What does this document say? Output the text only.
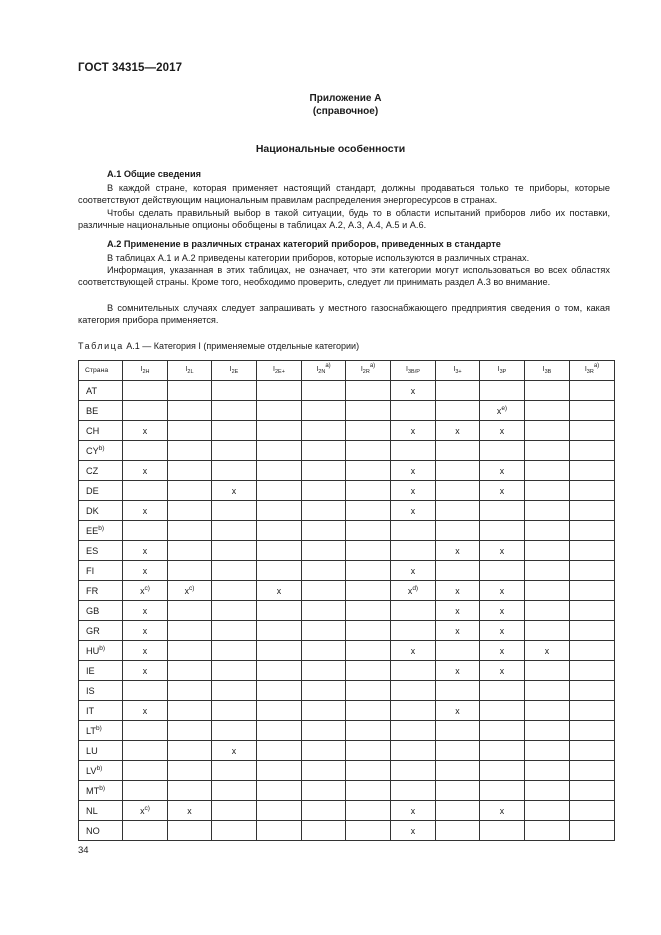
ГОСТ 34315—2017
Приложение А
(справочное)
Национальные особенности
А.1 Общие сведения

В каждой стране, которая применяет настоящий стандарт, должны продаваться только те приборы, которые соответствуют действующим национальным правилам распределения энергоресурсов в странах.

Чтобы сделать правильный выбор в такой ситуации, будь то в области испытаний приборов либо их поставки, различные национальные опционы обобщены в таблицах А.2, А.3, А.4, А.5 и А.6.

А.2 Применение в различных странах категорий приборов, приведенных в стандарте

В таблицах А.1 и А.2 приведены категории приборов, которые используются в различных странах.

Информация, указанная в этих таблицах, не означает, что эти категории могут использоваться во всех областях соответствующей страны. Кроме того, необходимо проверить, следует ли принимать раздел А.3 во внимание.

В сомнительных случаях следует запрашивать у местного газоснабжающего предприятия сведения о том, какая категория прибора применяется.

Таблица А.1 — Категория I (применяемые отдельные категории)
Страна	$I_{2H}$	$I_{2L}$	$I_{2E}$	$I_{2E+}$	$I_{2N}^{a)}$	$I_{2R}^{a)}$	$I_{3B/P}$	$I_{3+}$	$I_{3P}$	$I_{3B}$	$I_{3R}^{a)}$
AT							x				
BE									$x^{e)}$		
CH	x						x	x	x		
CY$^{b)}$											
CZ	x						x		x		
DE			x				x		x		
DK	x						x				
EE$^{b)}$											
ES	x							x	x		
FI	x						x				
FR	$x^{c)}$	$x^{c)}$		x			$x^{d)}$	x	x		
GB	x							x	x		
GR	x							x	x		
HU$^{b)}$	x						x		x	x	
IE	x							x	x		
IS											
IT	x							x			
LT$^{b)}$											
LU			x								
LV$^{b)}$											
MT$^{b)}$											
NL	$x^{c)}$	x					x		x		
NO							x				
34
